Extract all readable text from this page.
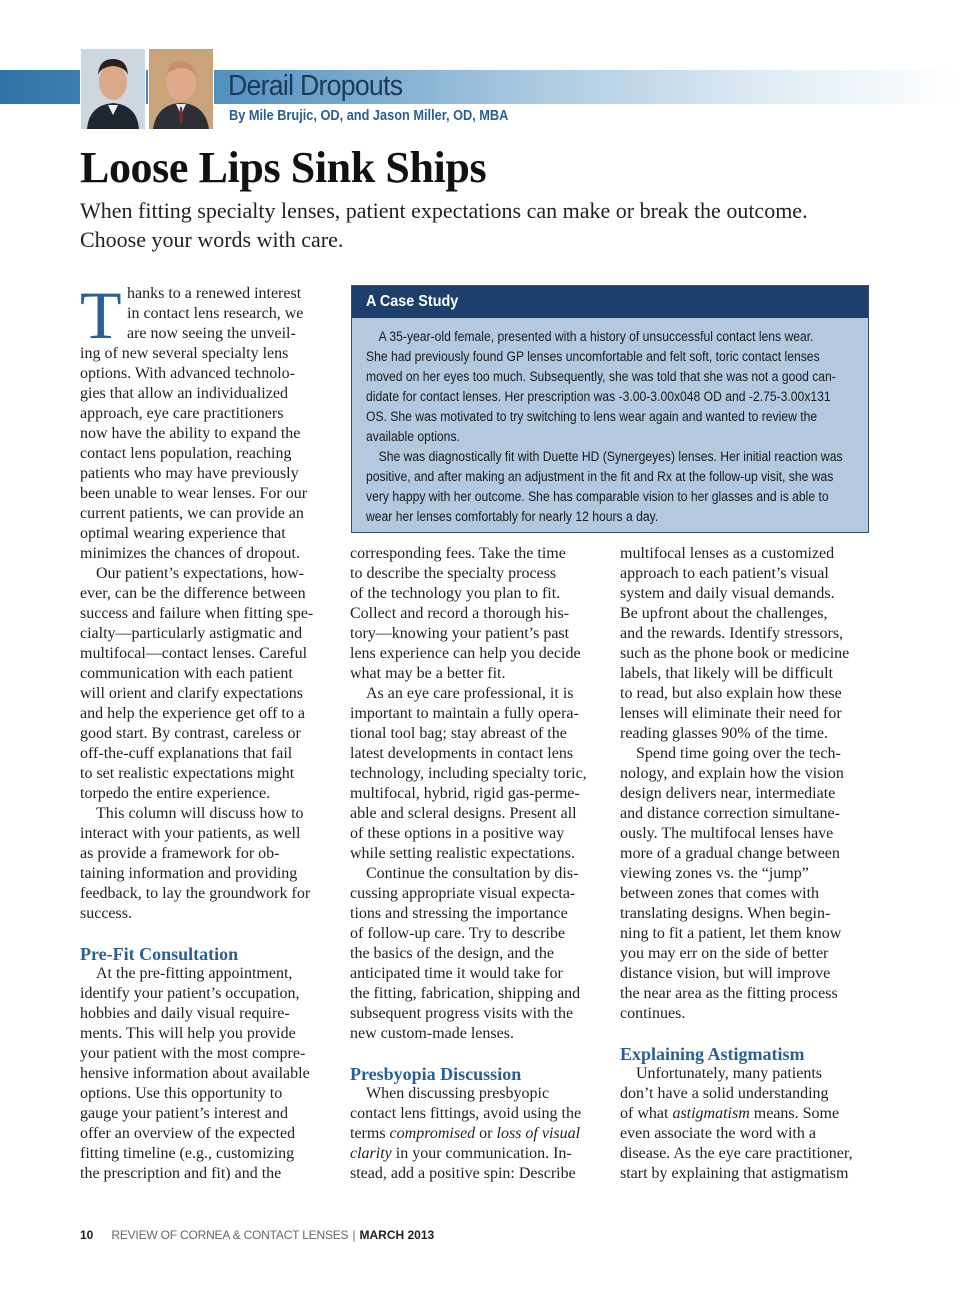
Derail Dropouts
By Mile Brujic, OD, and Jason Miller, OD, MBA
Loose Lips Sink Ships

When fitting specialty lenses, patient expectations can make or break the outcome.
Choose your words with care.

T hanks to a renewed interest
in contact lens research, we
are now seeing the unveil-
ing of new several specialty lens
options. With advanced technolo-
gies that allow an individualized
approach, eye care practitioners
now have the ability to expand the
contact lens population, reaching
patients who may have previously
been unable to wear lenses. For our
current patients, we can provide an
optimal wearing experience that
minimizes the chances of dropout.
Our patient’s expectations, how-
ever, can be the difference between
success and failure when fitting spe-
cialty—particularly astigmatic and
multifocal—contact lenses. Careful
communication with each patient
will orient and clarify expectations
and help the experience get off to a
good start. By contrast, careless or
off-the-cuff explanations that fail
to set realistic expectations might
torpedo the entire experience.
This column will discuss how to
interact with your patients, as well
as provide a framework for ob-
taining information and providing
feedback, to lay the groundwork for
success.
Pre-Fit Consultation
At the pre-fitting appointment,
identify your patient’s occupation,
hobbies and daily visual require-
ments. This will help you provide
your patient with the most compre-
hensive information about available
options. Use this opportunity to
gauge your patient’s interest and
offer an overview of the expected
fitting timeline (e.g., customizing
the prescription and fit) and the
corresponding fees. Take the time
to describe the specialty process
of the technology you plan to fit.
Collect and record a thorough his-
tory—knowing your patient’s past
lens experience can help you decide
what may be a better fit.
As an eye care professional, it is
important to maintain a fully opera-
tional tool bag; stay abreast of the
latest developments in contact lens
technology, including specialty toric,
multifocal, hybrid, rigid gas-perme-
able and scleral designs. Present all
of these options in a positive way
while setting realistic expectations.
Continue the consultation by dis-
cussing appropriate visual expecta-
tions and stressing the importance
of follow-up care. Try to describe
the basics of the design, and the
anticipated time it would take for
the fitting, fabrication, shipping and
subsequent progress visits with the
new custom-made lenses.
Presbyopia Discussion
When discussing presbyopic
contact lens fittings, avoid using the
terms compromised or loss of visual
clarity in your communication. In-
stead, add a positive spin: Describe
multifocal lenses as a customized
approach to each patient’s visual
system and daily visual demands.
Be upfront about the challenges,
and the rewards. Identify stressors,
such as the phone book or medicine
labels, that likely will be difficult
to read, but also explain how these
lenses will eliminate their need for
reading glasses 90% of the time.
Spend time going over the tech-
nology, and explain how the vision
design delivers near, intermediate
and distance correction simultane-
ously. The multifocal lenses have
more of a gradual change between
viewing zones vs. the “jump”
between zones that comes with
translating designs. When begin-
ning to fit a patient, let them know
you may err on the side of better
distance vision, but will improve
the near area as the fitting process
continues.
Explaining Astigmatism
Unfortunately, many patients
don’t have a solid understanding
of what astigmatism means. Some
even associate the word with a
disease. As the eye care practitioner,
start by explaining that astigmatism
A Case Study
A 35-year-old female, presented with a history of unsuccessful contact lens wear.
She had previously found GP lenses uncomfortable and felt soft, toric contact lenses
moved on her eyes too much. Subsequently, she was told that she was not a good can-
didate for contact lenses. Her prescription was -3.00-3.00x048 OD and -2.75-3.00x131
OS. She was motivated to try switching to lens wear again and wanted to review the
available options.
She was diagnostically fit with Duette HD (Synergeyes) lenses. Her initial reaction was
positive, and after making an adjustment in the fit and Rx at the follow-up visit, she was
very happy with her outcome. She has comparable vision to her glasses and is able to
wear her lenses comfortably for nearly 12 hours a day.
10 REVIEW OF CORNEA & CONTACT LENSES | MARCH 2013
